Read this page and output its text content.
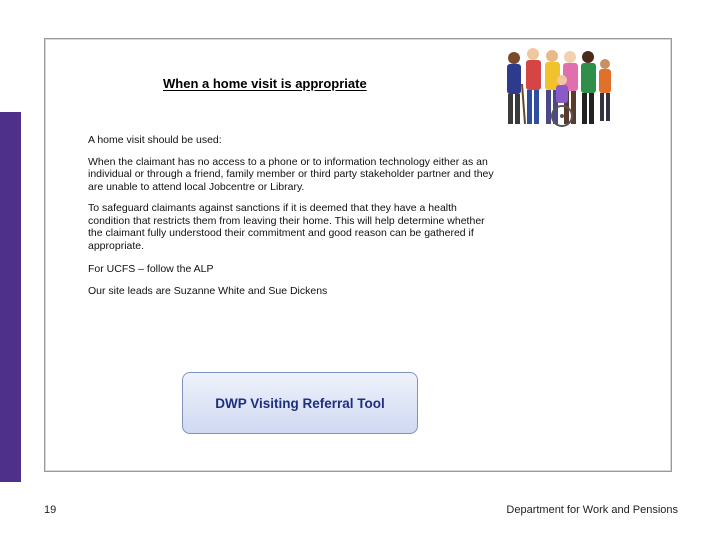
When a home visit is appropriate

A home visit should be used:

When the claimant has no access to a phone or to information technology either as an individual or through a friend, family member or third party stakeholder partner and they are unable to attend local Jobcentre or Library.

To safeguard claimants against sanctions if it is deemed that they have a health condition that restricts them from leaving their home. This will help determine whether the claimant fully understood their commitment and good reason can be gathered if appropriate.

For UCFS – follow the ALP

Our site leads are Suzanne White and Sue Dickens

DWP Visiting Referral Tool
19	Department for Work and Pensions
